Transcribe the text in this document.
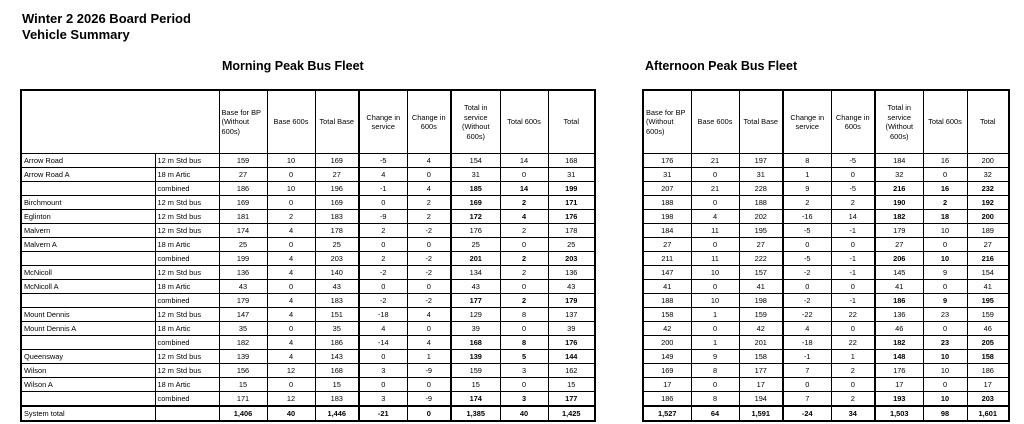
Winter 2 2026 Board Period
Vehicle Summary
Morning Peak Bus Fleet	Afternoon Peak Bus Fleet
		Base for BP (Without 600s)	Base 600s	Total Base	Change in service	Change in 600s	Total in service (Without 600s)	Total 600s	Total
Arrow Road	12 m Std bus	159	10	169	-5	4	154	14	168
Arrow Road A	18 m Artic	27	0	27	4	0	31	0	31
	combined	186	10	196	-1	4	185	14	199
Birchmount	12 m Std bus	169	0	169	0	2	169	2	171
Eglinton	12 m Std bus	181	2	183	-9	2	172	4	176
Malvern	12 m Std bus	174	4	178	2	-2	176	2	178
Malvern A	18 m Artic	25	0	25	0	0	25	0	25
	combined	199	4	203	2	-2	201	2	203
McNicoll	12 m Std bus	136	4	140	-2	-2	134	2	136
McNicoll A	18 m Artic	43	0	43	0	0	43	0	43
	combined	179	4	183	-2	-2	177	2	179
Mount Dennis	12 m Std bus	147	4	151	-18	4	129	8	137
Mount Dennis A	18 m Artic	35	0	35	4	0	39	0	39
	combined	182	4	186	-14	4	168	8	176
Queensway	12 m Std bus	139	4	143	0	1	139	5	144
Wilson	12 m Std bus	156	12	168	3	-9	159	3	162
Wilson A	18 m Artic	15	0	15	0	0	15	0	15
	combined	171	12	183	3	-9	174	3	177
System total		1,406	40	1,446	-21	0	1,385	40	1,425
Base for BP (Without 600s)	Base 600s	Total Base	Change in service	Change in 600s	Total in service (Without 600s)	Total 600s	Total
176	21	197	8	-5	184	16	200
31	0	31	1	0	32	0	32
207	21	228	9	-5	216	16	232
188	0	188	2	2	190	2	192
198	4	202	-16	14	182	18	200
184	11	195	-5	-1	179	10	189
27	0	27	0	0	27	0	27
211	11	222	-5	-1	206	10	216
147	10	157	-2	-1	145	9	154
41	0	41	0	0	41	0	41
188	10	198	-2	-1	186	9	195
158	1	159	-22	22	136	23	159
42	0	42	4	0	46	0	46
200	1	201	-18	22	182	23	205
149	9	158	-1	1	148	10	158
169	8	177	7	2	176	10	186
17	0	17	0	0	17	0	17
186	8	194	7	2	193	10	203
1,527	64	1,591	-24	34	1,503	98	1,601
